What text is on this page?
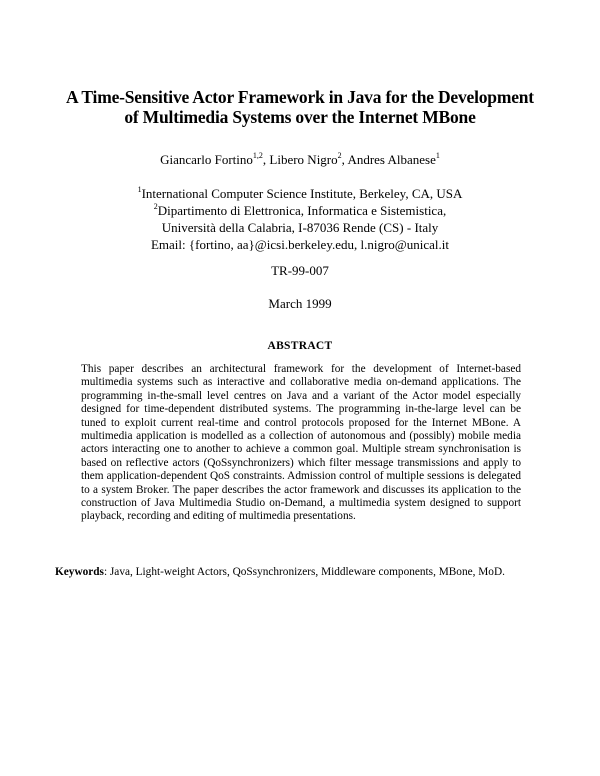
A Time-Sensitive Actor Framework in Java for the Development
of Multimedia Systems over the Internet MBone
Giancarlo Fortino$^{1,2}$, Libero Nigro$^2$, Andres Albanese$^1$
$^1$International Computer Science Institute, Berkeley, CA, USA
$^2$Dipartimento di Elettronica, Informatica e Sistemistica,
Università della Calabria, I-87036 Rende (CS) - Italy
Email: {fortino, aa}@icsi.berkeley.edu, l.nigro@unical.it
TR-99-007
March 1999
ABSTRACT
This paper describes an architectural framework for the development of Internet-based multimedia systems such as interactive and collaborative media on-demand applications. The programming in-the-small level centres on Java and a variant of the Actor model especially designed for time-dependent distributed systems. The programming in-the-large level can be tuned to exploit current real-time and control protocols proposed for the Internet MBone. A multimedia application is modelled as a collection of autonomous and (possibly) mobile media actors interacting one to another to achieve a common goal. Multiple stream synchronisation is based on reflective actors (QoSsynchronizers) which filter message transmissions and apply to them application-dependent QoS constraints. Admission control of multiple sessions is delegated to a system Broker. The paper describes the actor framework and discusses its application to the construction of Java Multimedia Studio on-Demand, a multimedia system designed to support playback, recording and editing of multimedia presentations.
Keywords: Java, Light-weight Actors, QoSsynchronizers, Middleware components, MBone, MoD.
